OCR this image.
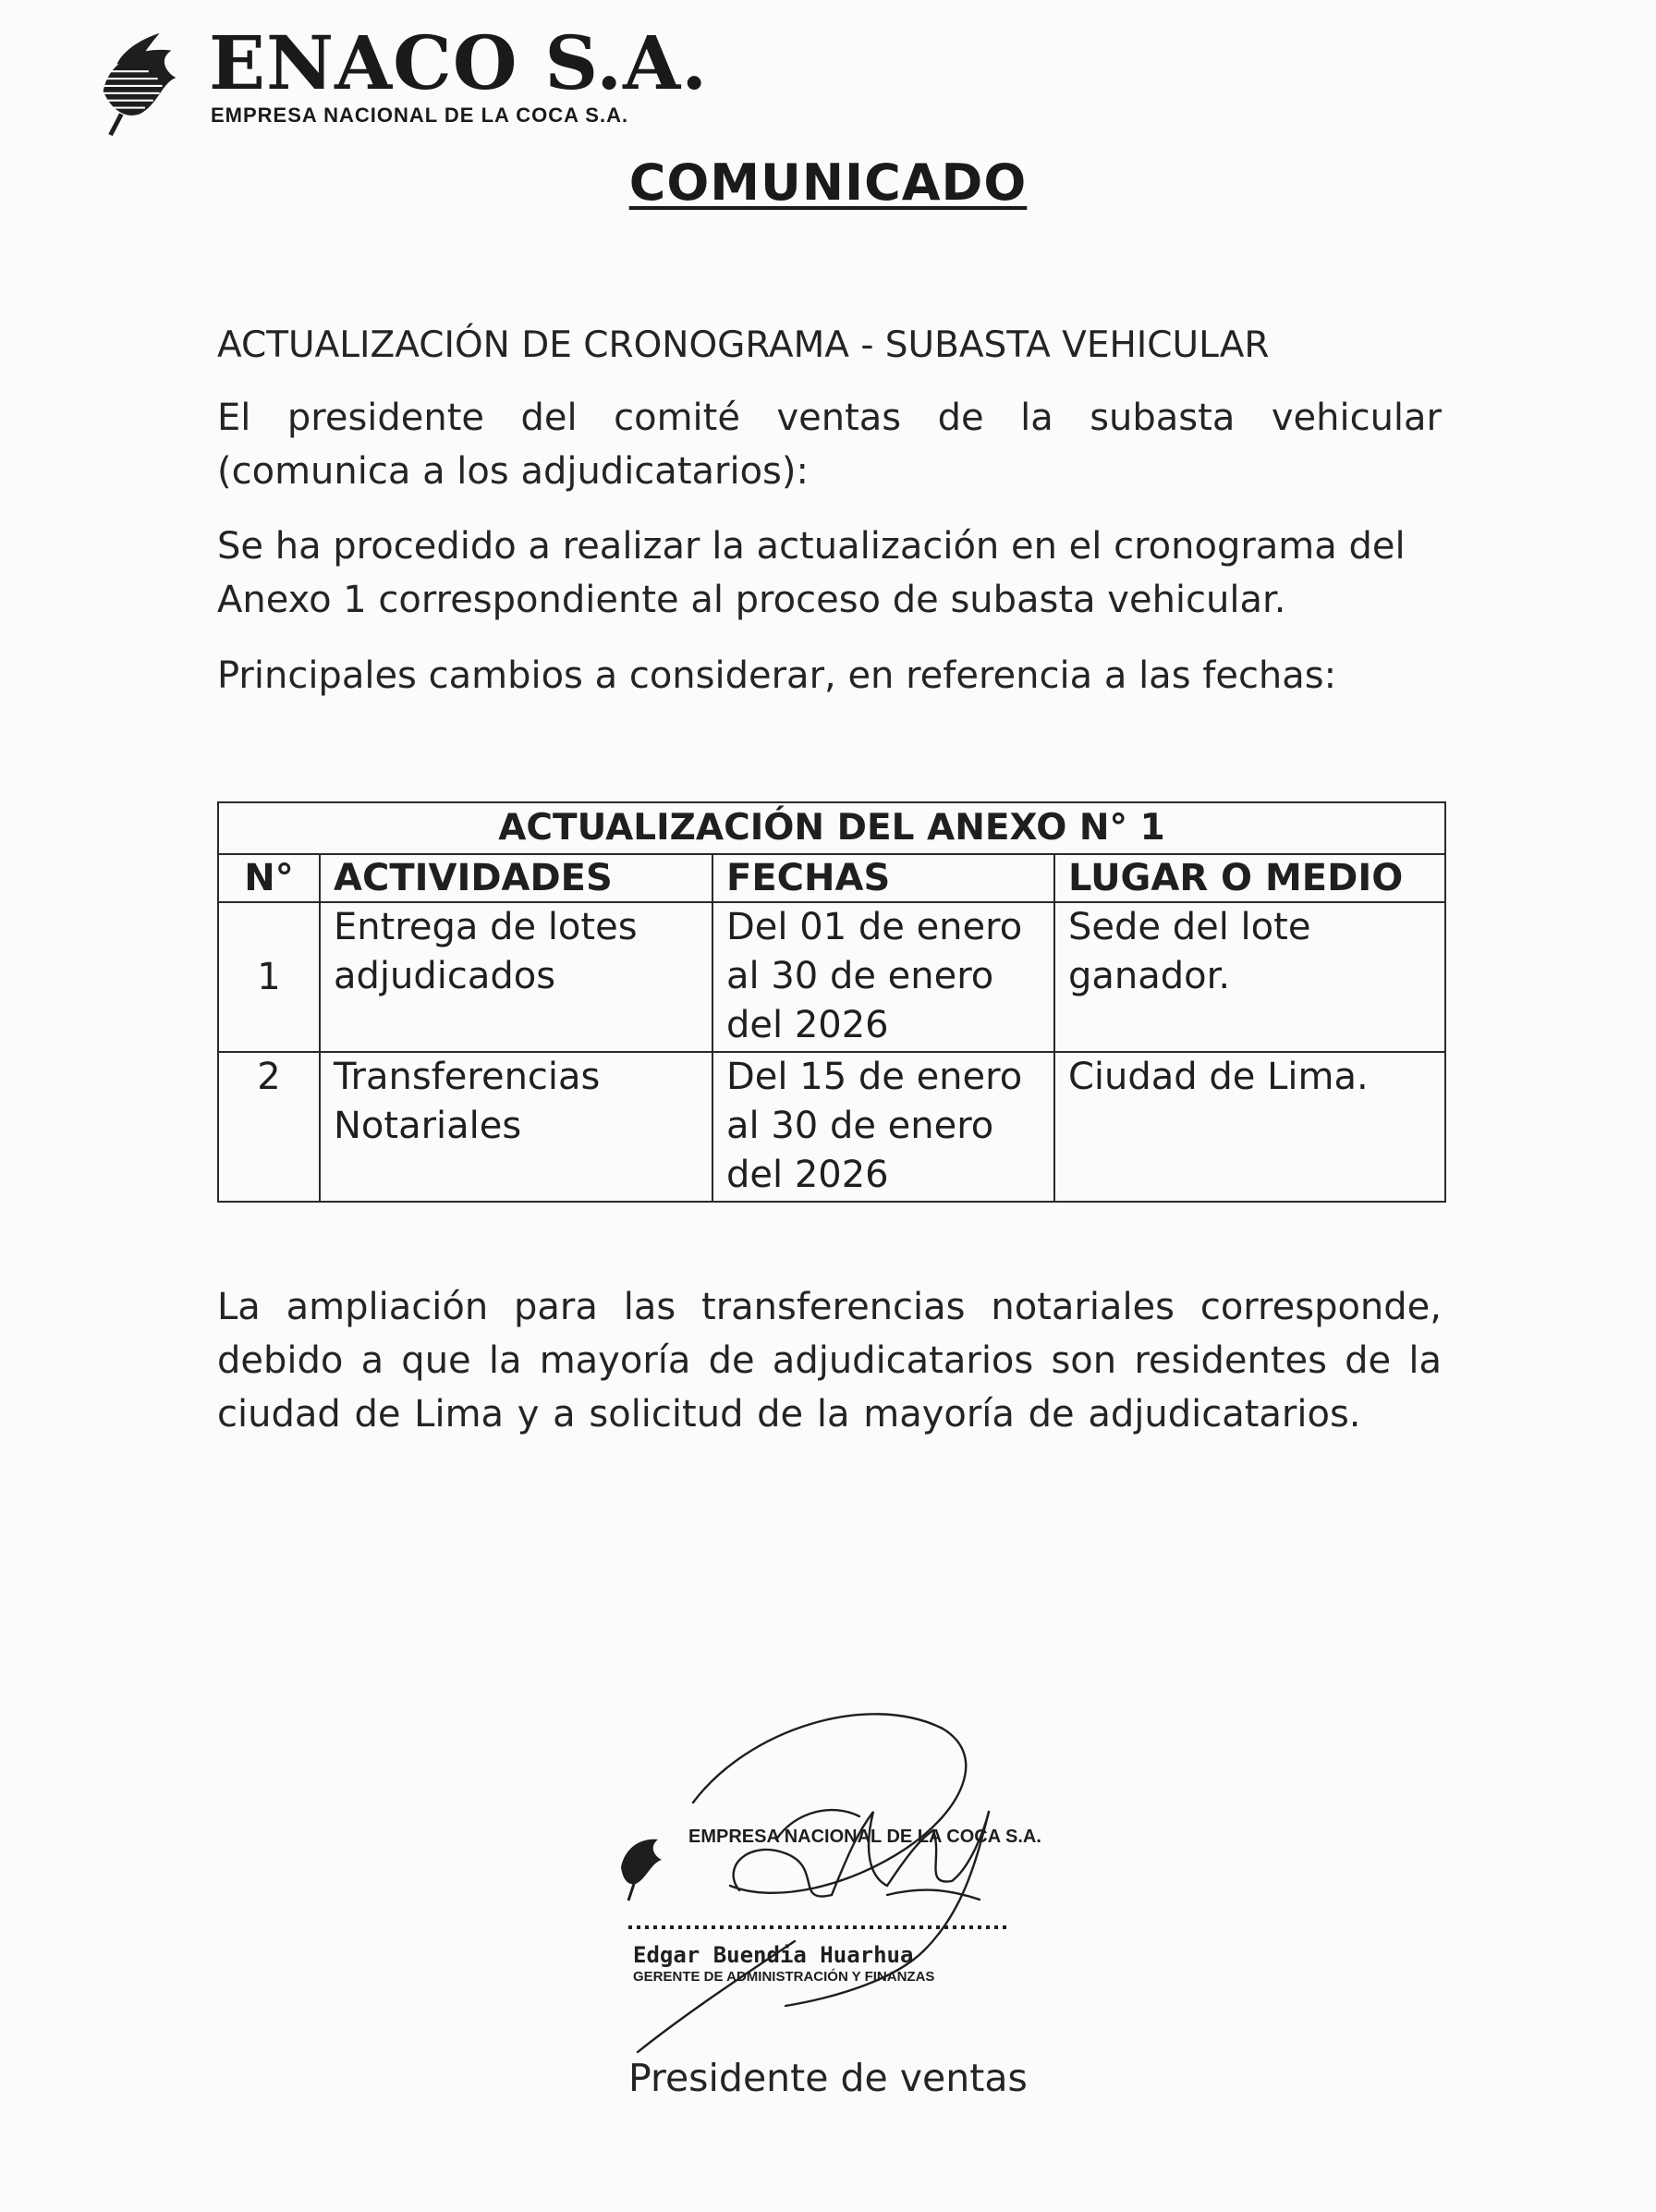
ENACO S.A.
EMPRESA NACIONAL DE LA COCA S.A.
COMUNICADO
ACTUALIZACIÓN DE CRONOGRAMA - SUBASTA VEHICULAR
El presidente del comité ventas de la subasta vehicular (comunica a los adjudicatarios):
Se ha procedido a realizar la actualización en el cronograma del Anexo 1 correspondiente al proceso de subasta vehicular.
Principales cambios a considerar, en referencia a las fechas:
ACTUALIZACIÓN DEL ANEXO N° 1			
N°	ACTIVIDADES	FECHAS	LUGAR O MEDIO
1	Entrega de lotes adjudicados	Del 01 de enero al 30 de enero del 2026	Sede del lote ganador.
2	Transferencias Notariales	Del 15 de enero al 30 de enero del 2026	Ciudad de Lima.
La ampliación para las transferencias notariales corresponde, debido a que la mayoría de adjudicatarios son residentes de la ciudad de Lima y a solicitud de la mayoría de adjudicatarios.
EMPRESA NACIONAL DE LA COCA S.A.
Edgar Buendia Huarhua
GERENTE DE ADMINISTRACIÓN Y FINANZAS
Presidente de ventas
